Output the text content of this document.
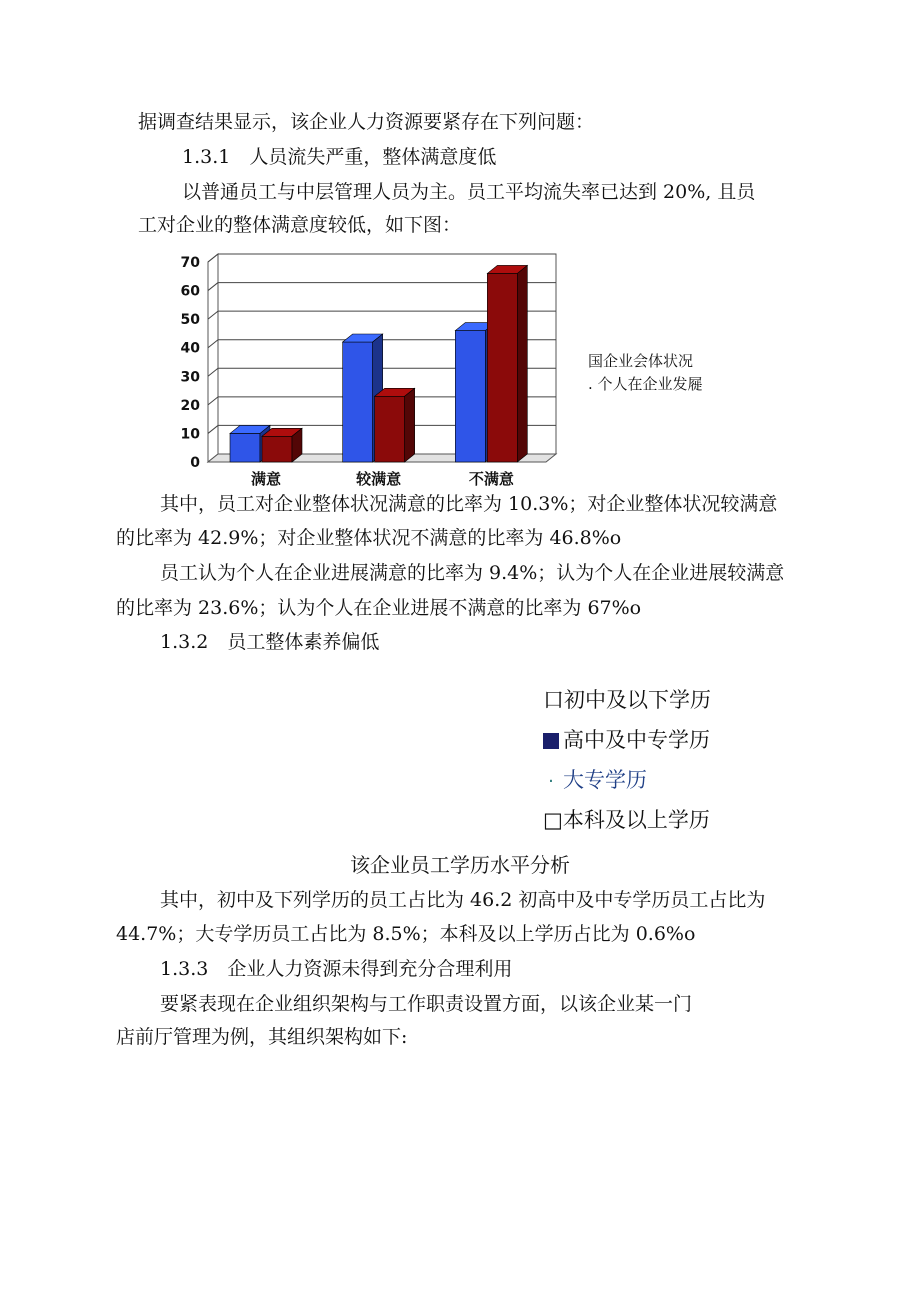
据调查结果显示，该企业人力资源要紧存在下列问题：
1.3.1　人员流失严重，整体满意度低
以普通员工与中层管理人员为主。员工平均流失率已达到 20%, 且员
工对企业的整体满意度较低，如下图：
0
10
20
30
40
50
60
70
满意	较满意	不满意
国企业会体状况
. 个人在企业发屣
其中，员工对企业整体状况满意的比率为 10.3%；对企业整体状况较满意
的比率为 42.9%；对企业整体状况不满意的比率为 46.8%o
员工认为个人在企业进展满意的比率为 9.4%；认为个人在企业进展较满意
的比率为 23.6%；认为个人在企业进展不满意的比率为 67%o
1.3.2　员工整体素养偏低
口初中及以下学历
高中及中专学历
· 大专学历
□本科及以上学历
该企业员工学历水平分析
其中，初中及下列学历的员工占比为 46.2 初高中及中专学历员工占比为
44.7%；大专学历员工占比为 8.5%；本科及以上学历占比为 0.6%o
1.3.3　企业人力资源未得到充分合理利用
要紧表现在企业组织架构与工作职责设置方面，以该企业某一门
店前厅管理为例，其组织架构如下:
